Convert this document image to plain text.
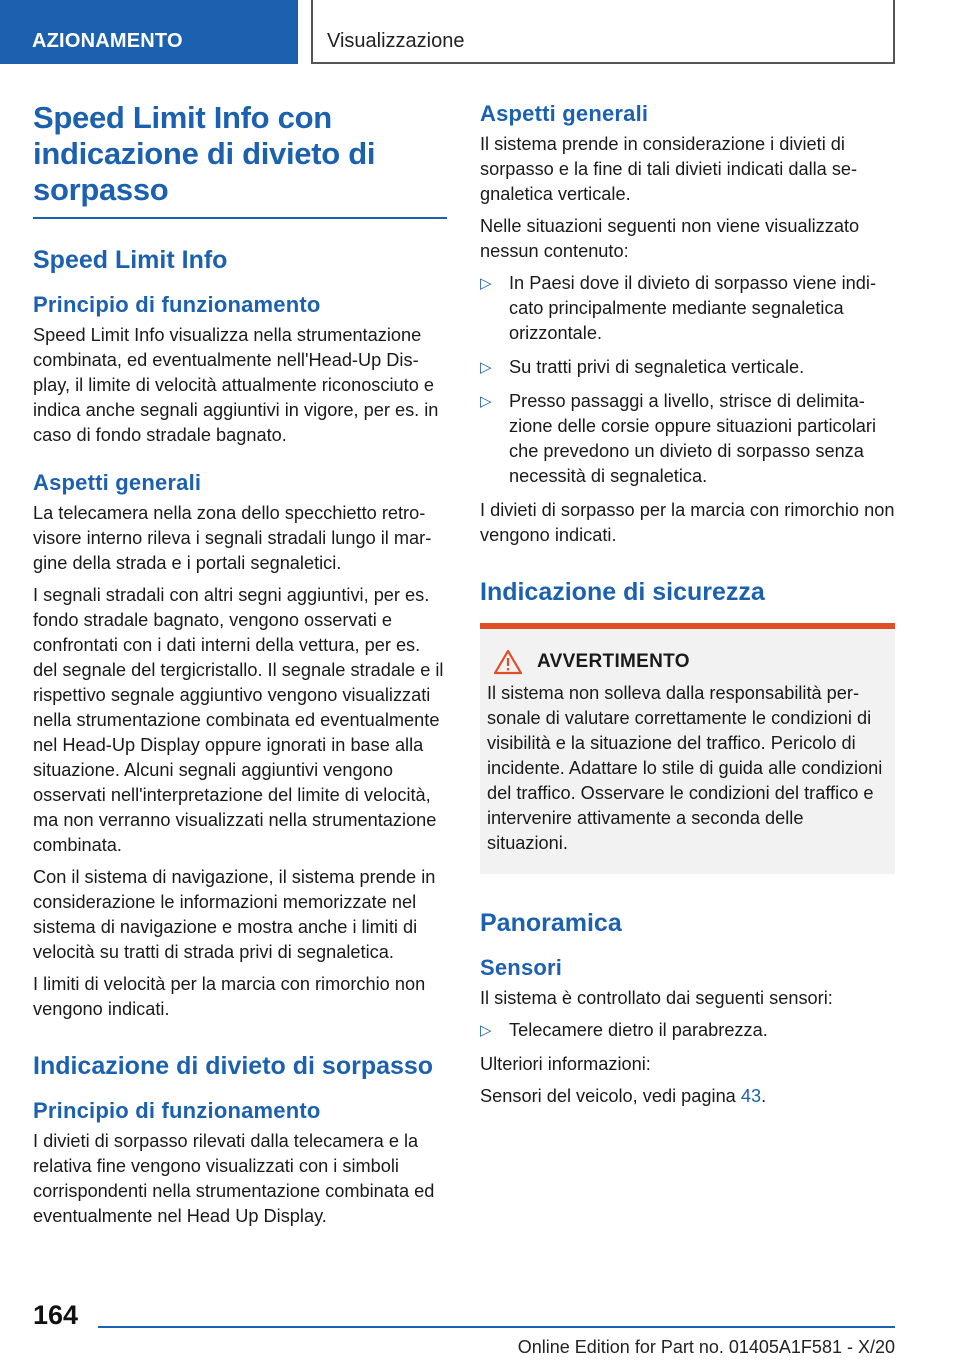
AZIONAMENTO	Visualizzazione
Speed Limit Info con indicazione di divieto di sorpasso
Speed Limit Info
Principio di funzionamento

Speed Limit Info visualizza nella strumentazione combinata, ed eventualmente nell'Head-Up Display, il limite di velocità attualmente riconosciuto e indica anche segnali aggiuntivi in vigore, per es. in caso di fondo stradale bagnato.

Aspetti generali

La telecamera nella zona dello specchietto retrovisore interno rileva i segnali stradali lungo il margine della strada e i portali segnaletici.

I segnali stradali con altri segni aggiuntivi, per es. fondo stradale bagnato, vengono osservati e confrontati con i dati interni della vettura, per es. del segnale del tergicristallo. Il segnale stradale e il rispettivo segnale aggiuntivo vengono visualizzati nella strumentazione combinata ed eventualmente nel Head-Up Display oppure ignorati in base alla situazione. Alcuni segnali aggiuntivi vengono osservati nell'interpretazione del limite di velocità, ma non verranno visualizzati nella strumentazione combinata.

Con il sistema di navigazione, il sistema prende in considerazione le informazioni memorizzate nel sistema di navigazione e mostra anche i limiti di velocità su tratti di strada privi di segnaletica.

I limiti di velocità per la marcia con rimorchio non vengono indicati.

Indicazione di divieto di sorpasso
Principio di funzionamento

I divieti di sorpasso rilevati dalla telecamera e la relativa fine vengono visualizzati con i simboli corrispondenti nella strumentazione combinata ed eventualmente nel Head Up Display.

Aspetti generali

Il sistema prende in considerazione i divieti di sorpasso e la fine di tali divieti indicati dalla segnaletica verticale.

Nelle situazioni seguenti non viene visualizzato nessun contenuto:

▷ In Paesi dove il divieto di sorpasso viene indicato principalmente mediante segnaletica orizzontale.
▷ Su tratti privi di segnaletica verticale.
▷ Presso passaggi a livello, strisce di delimitazione delle corsie oppure situazioni particolari che prevedono un divieto di sorpasso senza necessità di segnaletica.

I divieti di sorpasso per la marcia con rimorchio non vengono indicati.

Indicazione di sicurezza
AVVERTIMENTO

Il sistema non solleva dalla responsabilità personale di valutare correttamente le condizioni di visibilità e la situazione del traffico. Pericolo di incidente. Adattare lo stile di guida alle condizioni del traffico. Osservare le condizioni del traffico e intervenire attivamente a seconda delle situazioni.

Panoramica
Sensori

Il sistema è controllato dai seguenti sensori:

▷ Telecamere dietro il parabrezza.

Ulteriori informazioni:

Sensori del veicolo, vedi pagina 43.

164
Online Edition for Part no. 01405A1F581 - X/20
